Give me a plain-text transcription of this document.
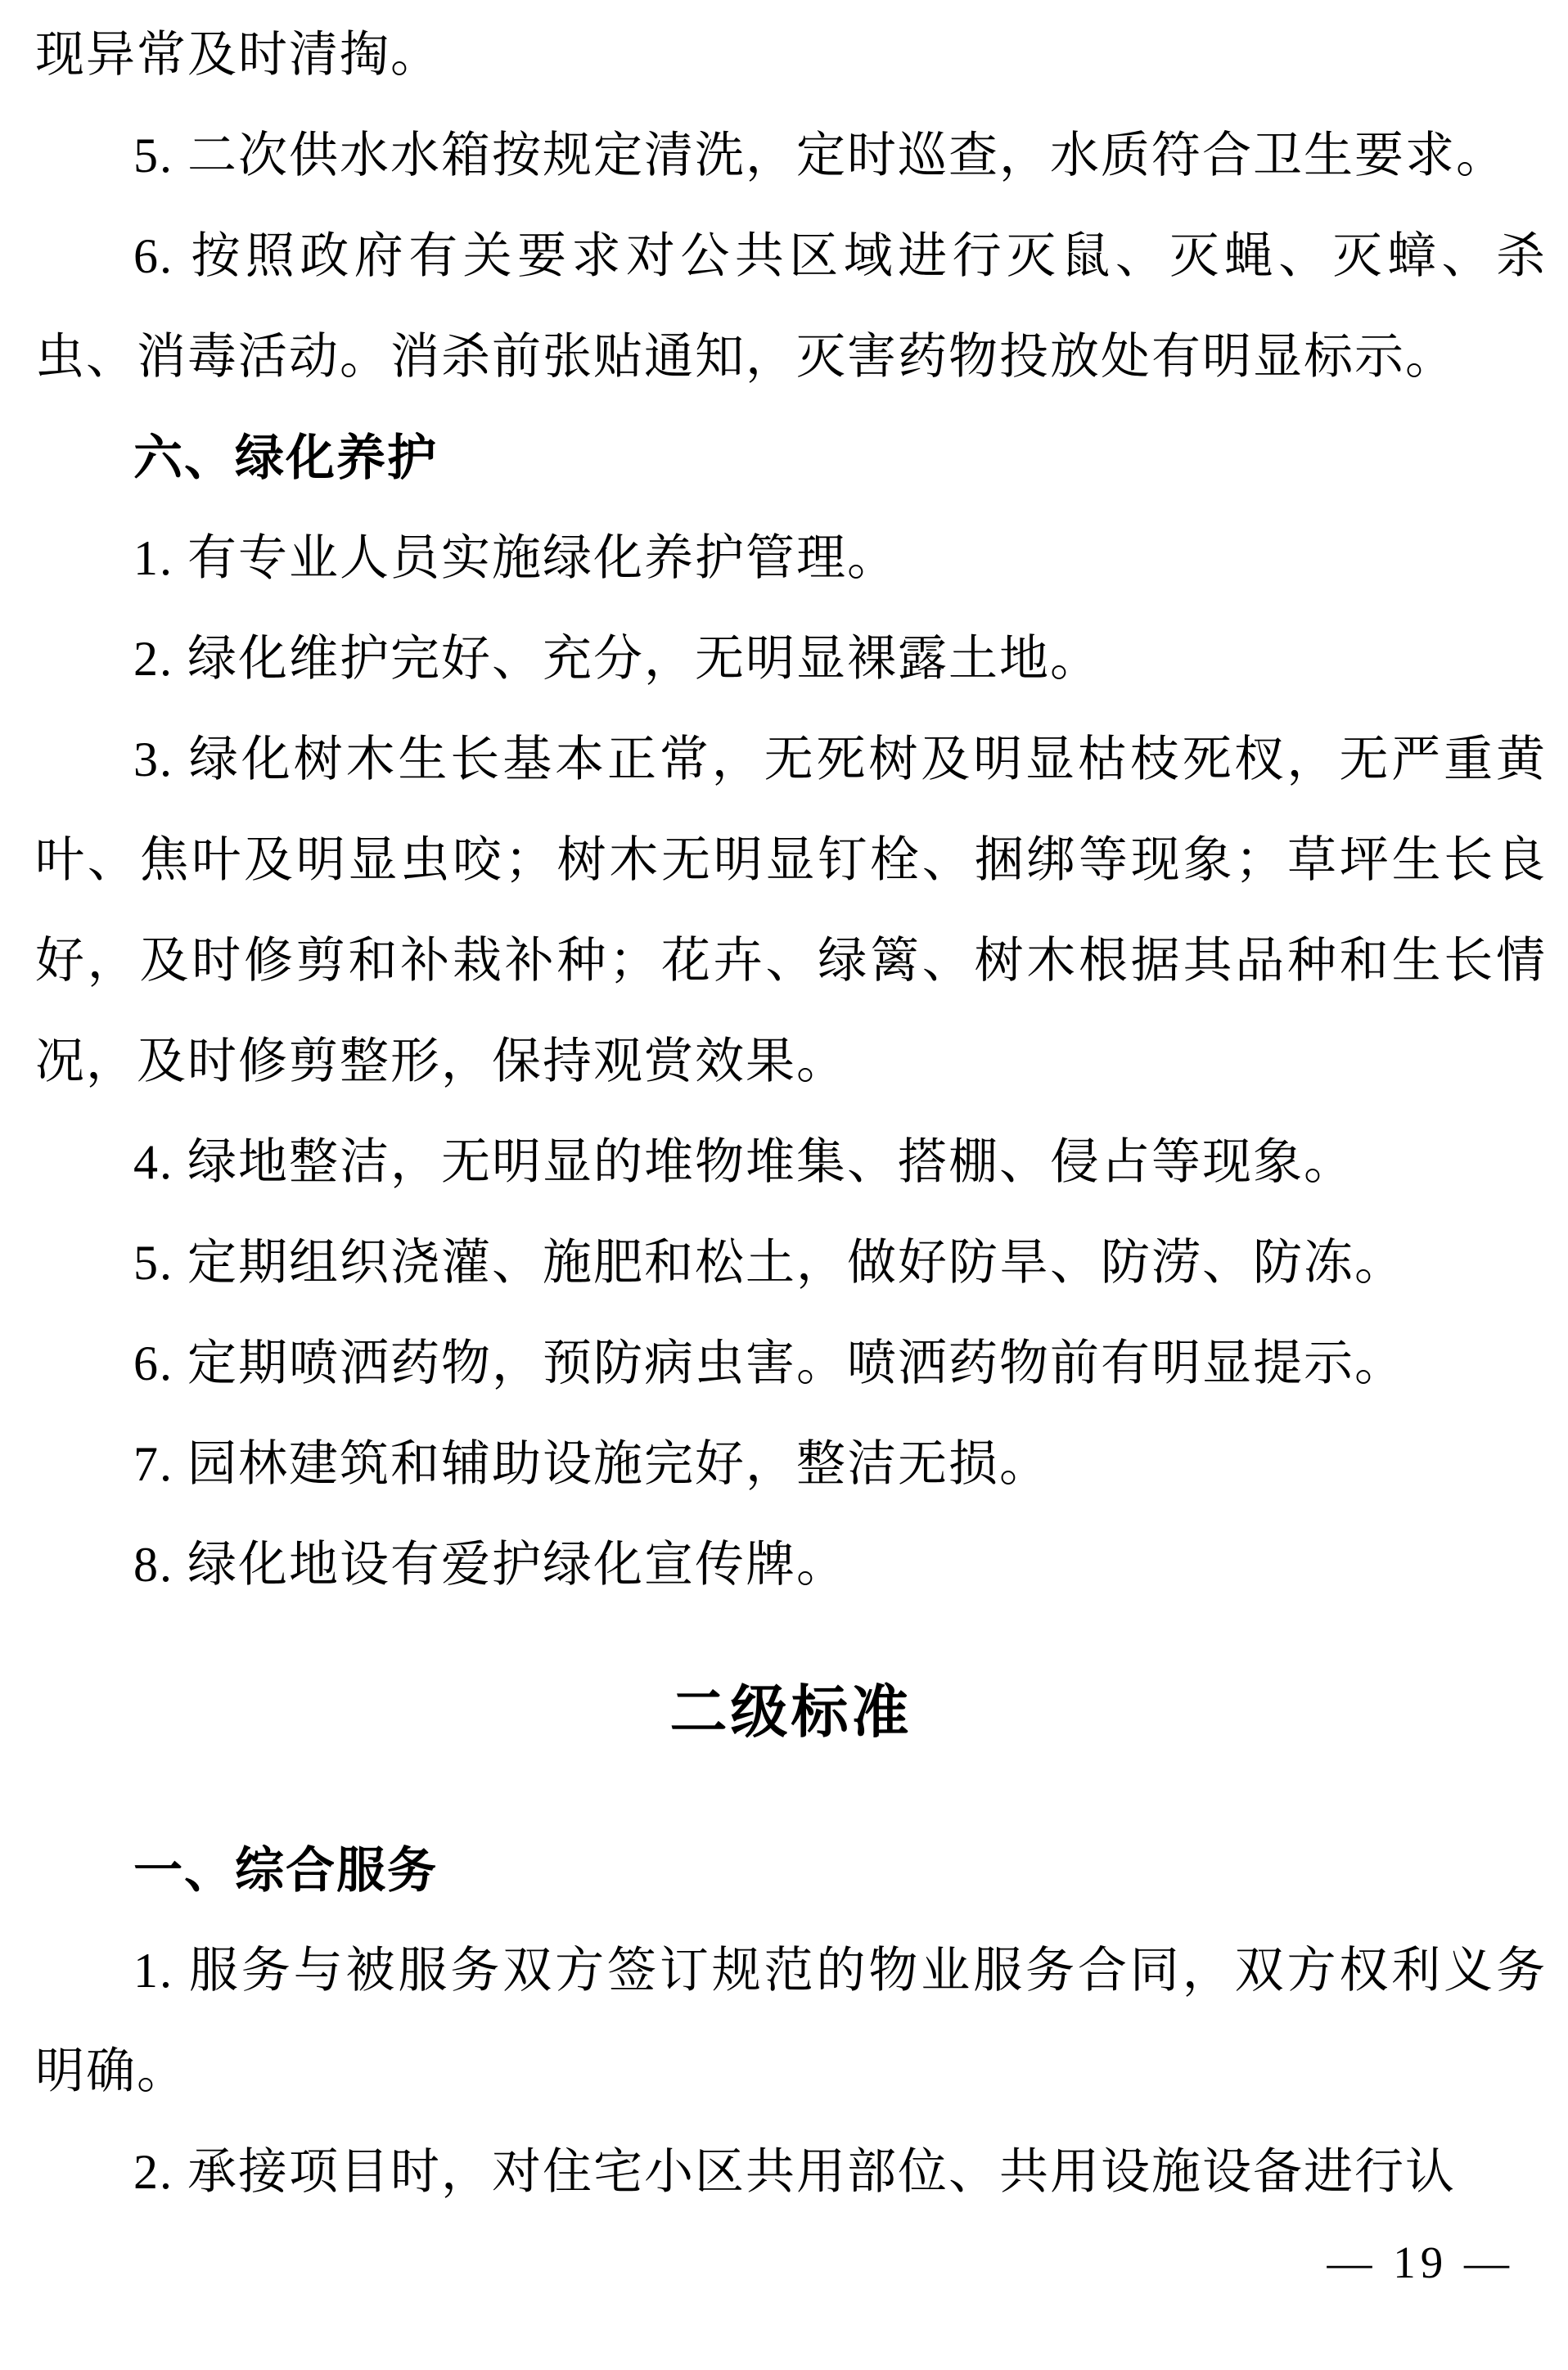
现异常及时清掏。

5. 二次供水水箱按规定清洗，定时巡查，水质符合卫生要求。

6. 按照政府有关要求对公共区域进行灭鼠、灭蝇、灭蟑、杀虫、消毒活动。消杀前张贴通知，灭害药物投放处有明显标示。

六、绿化养护

1. 有专业人员实施绿化养护管理。

2. 绿化维护完好、充分，无明显裸露土地。

3. 绿化树木生长基本正常，无死树及明显枯枝死杈，无严重黄叶、焦叶及明显虫咬；树木无明显钉栓、捆绑等现象；草坪生长良好，及时修剪和补栽补种；花卉、绿篱、树木根据其品种和生长情况，及时修剪整形，保持观赏效果。

4. 绿地整洁，无明显的堆物堆集、搭棚、侵占等现象。

5. 定期组织浇灌、施肥和松土，做好防旱、防涝、防冻。

6. 定期喷洒药物，预防病虫害。喷洒药物前有明显提示。

7. 园林建筑和辅助设施完好，整洁无损。

8. 绿化地设有爱护绿化宣传牌。

二级标准

一、综合服务

1. 服务与被服务双方签订规范的物业服务合同，双方权利义务明确。

2. 承接项目时，对住宅小区共用部位、共用设施设备进行认

— 19 —
